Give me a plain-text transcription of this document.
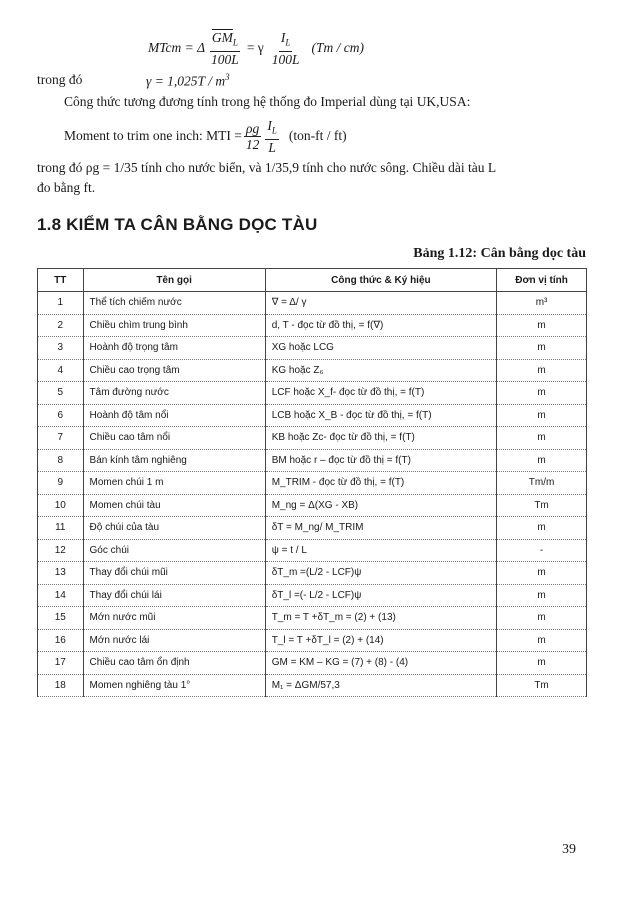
MTcm = Δ $\frac{\overline{GM}_L}{100L} = \gamma \frac{I_L}{100L} (Tm / cm)$
trong đó	$\gamma = 1,025T / m^3$
Công thức tương đương tính trong hệ thống đo Imperial dùng tại UK,USA:
Moment to trim one inch: MTI = $\frac{\rho g}{12} \frac{I_L}{L} (ton-ft / ft)$
trong đó ρg = 1/35 tính cho nước biển, và 1/35,9 tính cho nước sông. Chiều dài tàu L
đo bằng ft.
1.8 KIỂM TA CÂN BẰNG DỌC TÀU
Bảng 1.12: Cân bằng dọc tàu
TT	Tên gọi	Công thức & Ký hiệu	Đơn vị tính
1	Thể tích chiếm nước	∇ = Δ/ γ	m³
2	Chiều chìm trung bình	d, T - đọc từ đồ thị, = f(∇)	m
3	Hoành độ trọng tâm	XG hoặc LCG	m
4	Chiều cao trọng tâm	KG hoặc Z₆	m
5	Tâm đường nước	LCF hoặc X_f- đọc từ đồ thị, = f(T)	m
6	Hoành độ tâm nổi	LCB hoặc X_B - đọc từ đồ thị, = f(T)	m
7	Chiều cao tâm nổi	KB hoặc Zc- đọc từ đồ thị, = f(T)	m
8	Bán kính tâm nghiêng	BM hoặc r – đọc từ đồ thị = f(T)	m
9	Momen chúi 1 m	M_TRIM - đọc từ đồ thị, = f(T)	Tm/m
10	Momen chúi tàu	M_ng = Δ(XG - XB)	Tm
11	Độ chúi của tàu	δT = M_ng/ M_TRIM	m
12	Góc chúi	ψ = t / L	-
13	Thay đổi chúi mũi	δT_m =(L/2 - LCF)ψ	m
14	Thay đổi chúi lái	δT_l =(- L/2 - LCF)ψ	m
15	Mớn nước mũi	T_m = T +δT_m = (2) + (13)	m
16	Mớn nước lái	T_l = T +δT_l = (2) + (14)	m
17	Chiều cao tâm ổn định	GM = KM – KG = (7) + (8) - (4)	m
18	Momen nghiêng tàu 1°	M₁ = ΔGM/57,3	Tm
39
